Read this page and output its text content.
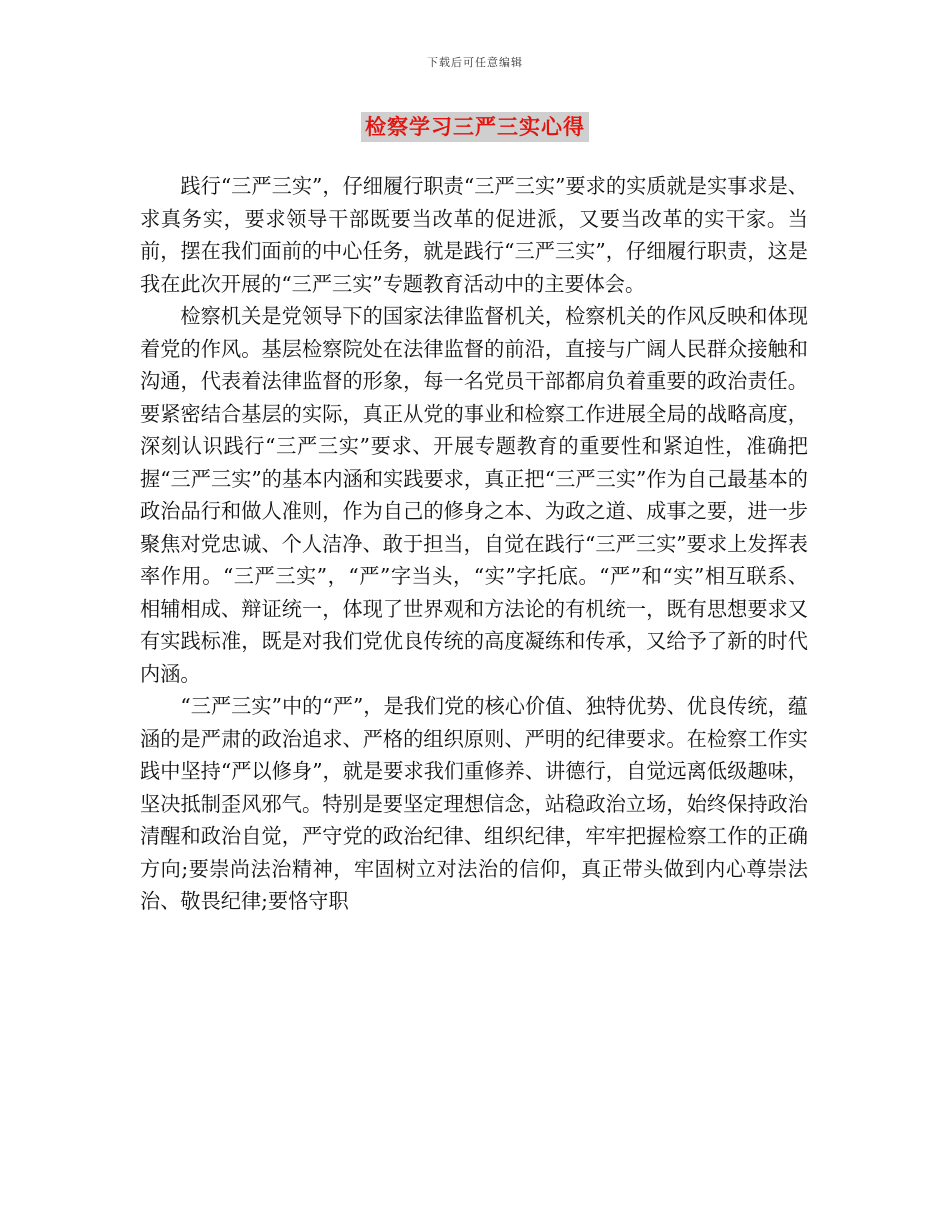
下载后可任意编辑
检察学习三严三实心得

践行“三严三实”，仔细履行职责“三严三实”要求的实质就是实事求是、求真务实，要求领导干部既要当改革的促进派，又要当改革的实干家。当前，摆在我们面前的中心任务，就是践行“三严三实”，仔细履行职责，这是我在此次开展的“三严三实”专题教育活动中的主要体会。

检察机关是党领导下的国家法律监督机关，检察机关的作风反映和体现着党的作风。基层检察院处在法律监督的前沿，直接与广阔人民群众接触和沟通，代表着法律监督的形象，每一名党员干部都肩负着重要的政治责任。要紧密结合基层的实际，真正从党的事业和检察工作进展全局的战略高度，深刻认识践行“三严三实”要求、开展专题教育的重要性和紧迫性，准确把握“三严三实”的基本内涵和实践要求，真正把“三严三实”作为自己最基本的政治品行和做人准则，作为自己的修身之本、为政之道、成事之要，进一步聚焦对党忠诚、个人洁净、敢于担当，自觉在践行“三严三实”要求上发挥表率作用。“三严三实”，“严”字当头，“实”字托底。“严”和“实”相互联系、相辅相成、辩证统一，体现了世界观和方法论的有机统一，既有思想要求又有实践标准，既是对我们党优良传统的高度凝练和传承，又给予了新的时代内涵。

“三严三实”中的“严”，是我们党的核心价值、独特优势、优良传统，蕴涵的是严肃的政治追求、严格的组织原则、严明的纪律要求。在检察工作实践中坚持“严以修身”，就是要求我们重修养、讲德行，自觉远离低级趣味，坚决抵制歪风邪气。特别是要坚定理想信念，站稳政治立场，始终保持政治清醒和政治自觉，严守党的政治纪律、组织纪律，牢牢把握检察工作的正确方向;要崇尚法治精神，牢固树立对法治的信仰，真正带头做到内心尊崇法治、敬畏纪律;要恪守职
